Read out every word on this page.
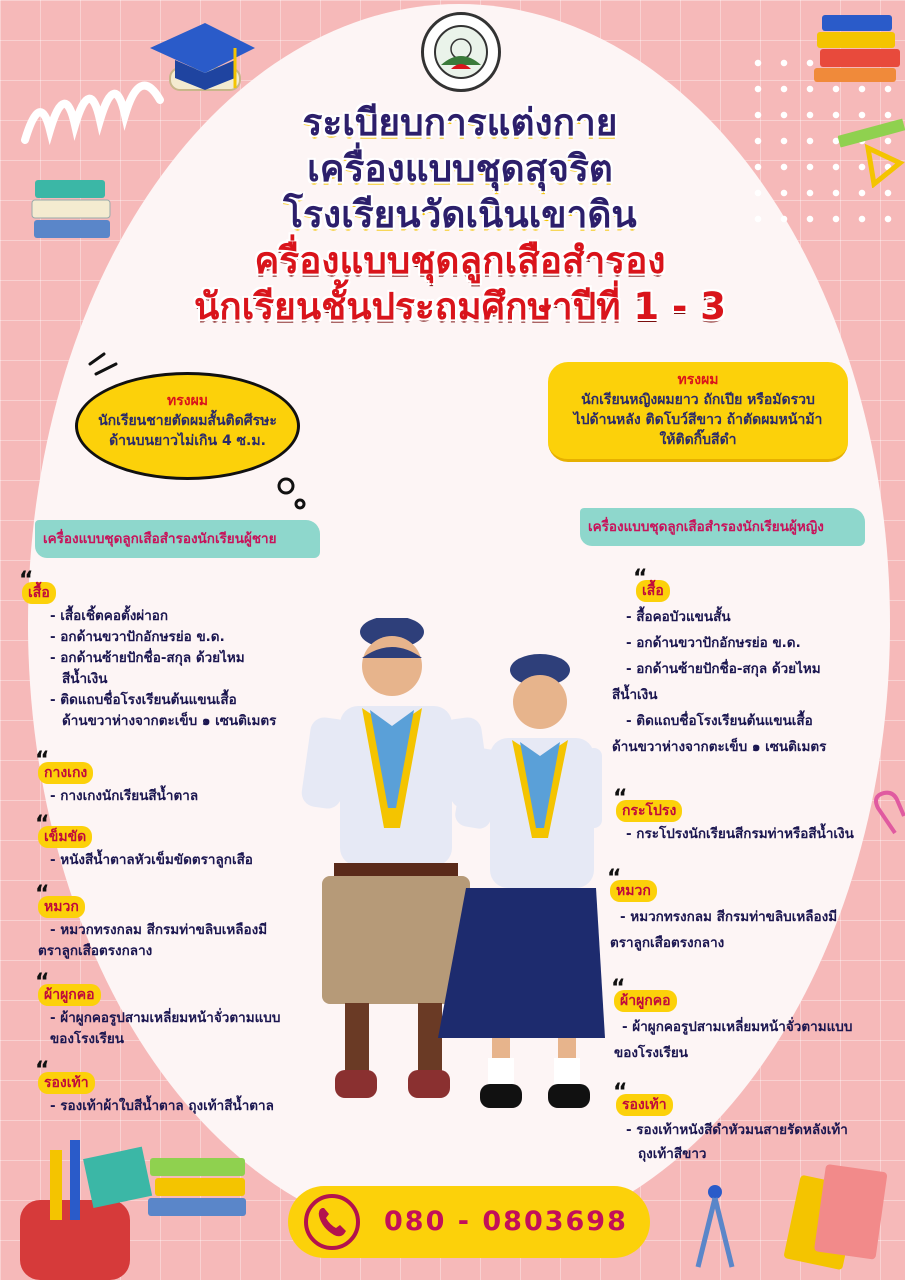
ระเบียบการแต่งกาย
เครื่องแบบชุดสุจริต
โรงเรียนวัดเนินเขาดิน
ครื่องแบบชุดลูกเสือสำรอง
นักเรียนชั้นประถมศึกษาปีที่ 1 - 3
ทรงผม
นักเรียนชายตัดผมสั้นติดศีรษะ
ด้านบนยาวไม่เกิน 4 ซ.ม.
ทรงผม
นักเรียนหญิงผมยาว ถักเปีย หรือมัดรวบ
ไปด้านหลัง ติดโบว์สีขาว ถ้าตัดผมหน้าม้า
ให้ติดกิ๊บสีดำ
เครื่องแบบชุดลูกเสือสำรองนักเรียนผู้ชาย
เครื่องแบบชุดลูกเสือสำรองนักเรียนผู้หญิง
“ เสื้อ
- เสื้อเชิ้ตคอตั้งผ่าอก
- อกด้านขวาปักอักษรย่อ ข.ด.
- อกด้านซ้ายปักชื่อ-สกุล ด้วยไหม
สีน้ำเงิน
- ติดแถบชื่อโรงเรียนต้นแขนเสื้อ
ด้านขวาห่างจากตะเข็บ ๑ เซนติเมตร
“ กางเกง
- กางเกงนักเรียนสีน้ำตาล
“ เข็มขัด
- หนังสีน้ำตาลหัวเข็มขัดตราลูกเสือ
“ หมวก
- หมวกทรงกลม สีกรมท่าขลิบเหลืองมี
ตราลูกเสือตรงกลาง
“ ผ้าผูกคอ
- ผ้าผูกคอรูปสามเหลี่ยมหน้าจั่วตามแบบ
ของโรงเรียน
“ รองเท้า
- รองเท้าผ้าใบสีน้ำตาล ถุงเท้าสีน้ำตาล
“ เสื้อ
- สื้อคอบัวแขนสั้น
- อกด้านขวาปักอักษรย่อ ข.ด.
- อกด้านซ้ายปักชื่อ-สกุล ด้วยไหม
สีน้ำเงิน
- ติดแถบชื่อโรงเรียนต้นแขนเสื้อ
ด้านขวาห่างจากตะเข็บ ๑ เซนติเมตร
“ กระโปรง
- กระโปรงนักเรียนสีกรมท่าหรือสีน้ำเงิน
“ หมวก
- หมวกทรงกลม สีกรมท่าขลิบเหลืองมี
ตราลูกเสือตรงกลาง
“ ผ้าผูกคอ
- ผ้าผูกคอรูปสามเหลี่ยมหน้าจั่วตามแบบ
ของโรงเรียน
“ รองเท้า
- รองเท้าหนังสีดำหัวมนสายรัดหลังเท้า
ถุงเท้าสีขาว
080 - 0803698
